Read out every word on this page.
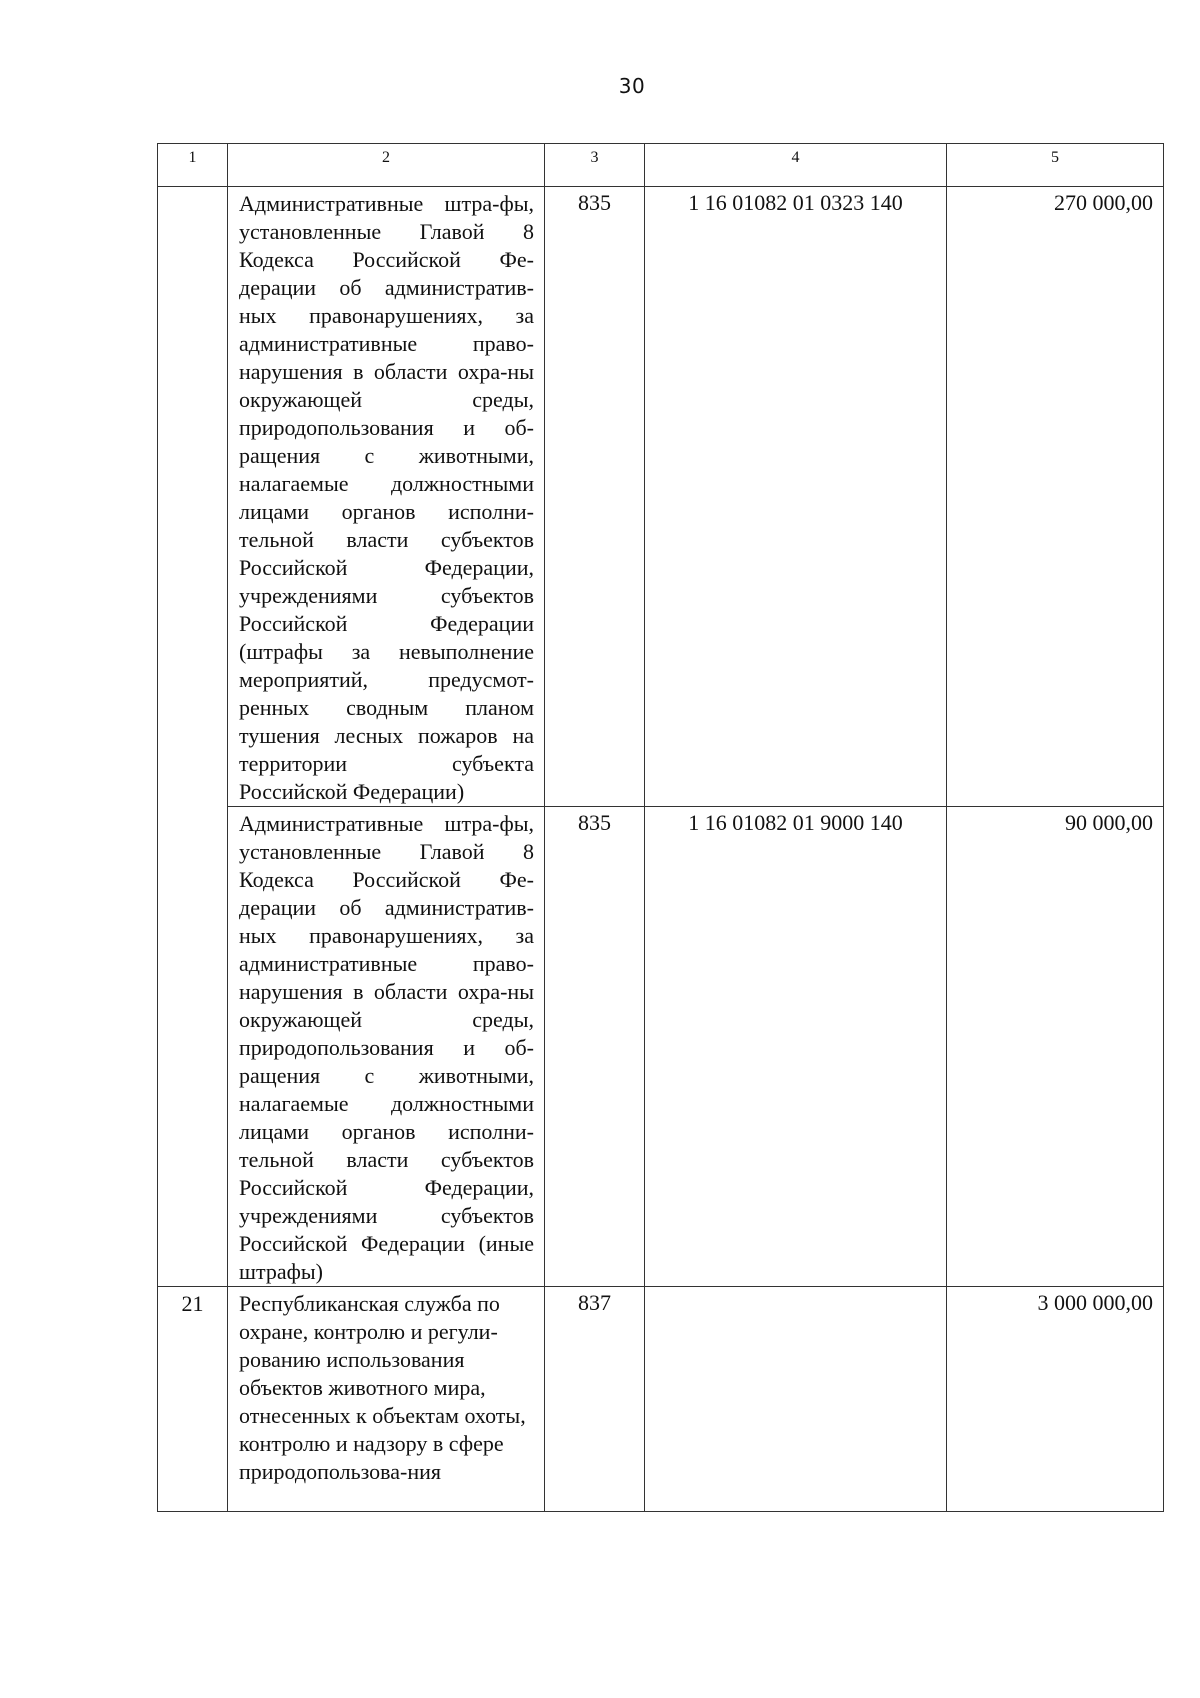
30
1	2	3	4	5
	Административные штра-фы, установленные Главой 8 Кодекса Российской Фе-дерации об административ-ных правонарушениях, за административные право-нарушения в области охра-ны окружающей среды, природопользования и об-ращения с животными, налагаемые должностными лицами органов исполни-тельной власти субъектов Российской Федерации, учреждениями субъектов Российской Федерации (штрафы за невыполнение мероприятий, предусмот-ренных сводным планом тушения лесных пожаров на территории субъекта Российской Федерации)	835	1 16 01082 01 0323 140	270 000,00
	Административные штра-фы, установленные Главой 8 Кодекса Российской Фе-дерации об административ-ных правонарушениях, за административные право-нарушения в области охра-ны окружающей среды, природопользования и об-ращения с животными, налагаемые должностными лицами органов исполни-тельной власти субъектов Российской Федерации, учреждениями субъектов Российской Федерации (иные штрафы)	835	1 16 01082 01 9000 140	90 000,00
21	Республиканская служба по охране, контролю и регули-рованию использования объектов животного мира, отнесенных к объектам охоты, контролю и надзору в сфере природопользова-ния	837		3 000 000,00
